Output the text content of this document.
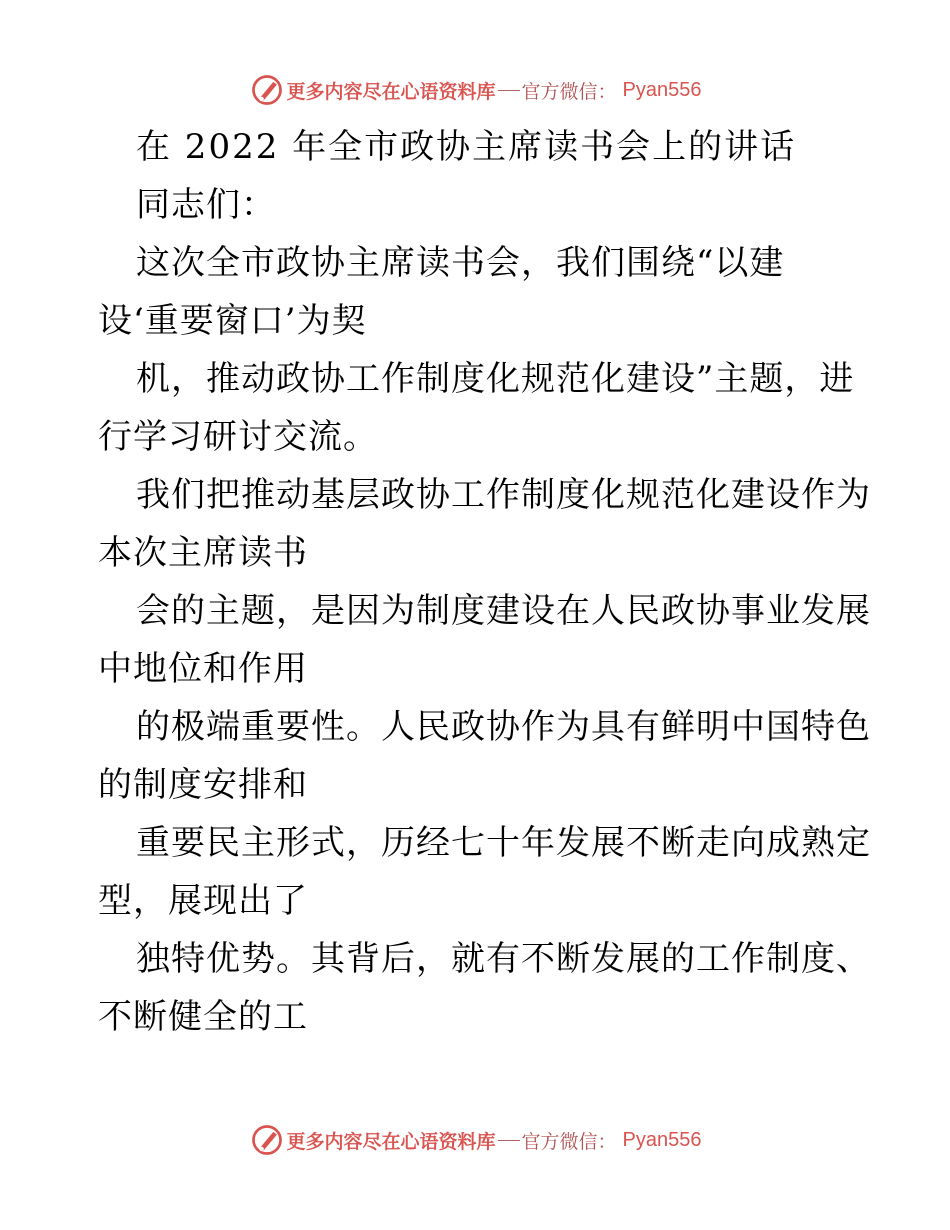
更多内容尽在心语资料库 官方微信： Pyan556
在 2022 年全市政协主席读书会上的讲话
同志们：
这次全市政协主席读书会，我们围绕“以建
设‘重要窗口’为契
机，推动政协工作制度化规范化建设”主题，进
行学习研讨交流。
我们把推动基层政协工作制度化规范化建设作为
本次主席读书
会的主题，是因为制度建设在人民政协事业发展
中地位和作用
的极端重要性。人民政协作为具有鲜明中国特色
的制度安排和
重要民主形式，历经七十年发展不断走向成熟定
型，展现出了
独特优势。其背后，就有不断发展的工作制度、
不断健全的工
更多内容尽在心语资料库 官方微信： Pyan556
